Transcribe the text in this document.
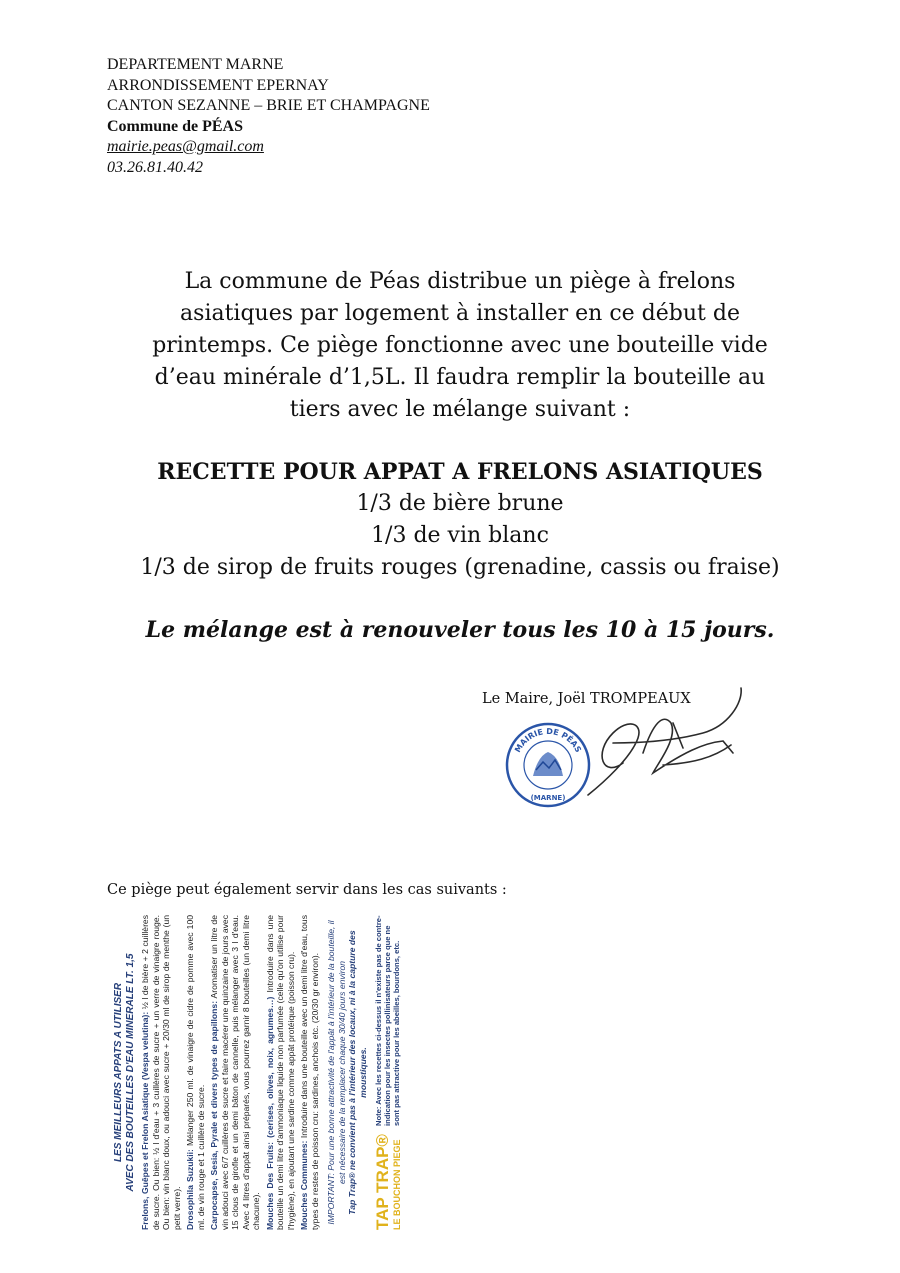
DEPARTEMENT MARNE
ARRONDISSEMENT EPERNAY
CANTON SEZANNE – BRIE ET CHAMPAGNE
Commune de PÉAS
mairie.peas@gmail.com
03.26.81.40.42
La commune de Péas distribue un piège à frelons
asiatiques par logement à installer en ce début de
printemps. Ce piège fonctionne avec une bouteille vide
d’eau minérale d’1,5L. Il faudra remplir la bouteille au
tiers avec le mélange suivant :
RECETTE POUR APPAT A FRELONS ASIATIQUES
1/3 de bière brune
1/3 de vin blanc
1/3 de sirop de fruits rouges (grenadine, cassis ou fraise)
Le mélange est à renouveler tous les 10 à 15 jours.
Le Maire, Joël TROMPEAUX
MAIRIE DE PÉAS
(MARNE)
Ce piège peut également servir dans les cas suivants :
LES MEILLEURS APPATS A UTILISER AVEC DES BOUTEILLES D'EAU MINERALE LT. 1,5 Frelons, Guêpes et Frelon Asiatique (Vespa velutina): ½ l de bière + 2 cuillères de sucre. Ou bien: ½ l d'eau + 3 cuillères de sucre + un verre de vinaigre rouge. Ou bien: vin blanc doux, ou adouci avec sucre + 20/30 ml de sirop de menthe (un petit verre). Drosophila Suzukii: Mélanger 250 ml. de vinaigre de cidre de pomme avec 100 ml. de vin rouge et 1 cuillère de sucre. Carpocapse, Sesia, Pyrale et divers types de papillons: Aromatiser un litre de vin adouci avec 6/7 cuillères de sucre et faire macérer une quinzaine de jours avec 15 clous de girofle et un demi bâton de cannelle, puis mélanger avec 3 l d'eau. Avec 4 litres d'appât ainsi préparés, vous pourrez garnir 8 bouteilles (un demi litre chacune). Mouches Des Fruits: (cerises, olives, noix, agrumes…) Introduire dans une bouteille un demi litre d'ammoniaque liquide non parfumée (celle qu'on utilise pour l'hygiène), en ajoutant une sardine comme appât protéique (poisson cru). Mouches Communes: Introduire dans une bouteille avec un demi litre d'eau, tous types de restes de poisson cru: sardines, anchois etc. (20/30 gr environ). IMPORTANT: Pour une bonne attractivité de l'appât à l'intérieur de la bouteille, il est nécessaire de la remplacer chaque 30/40 jours environ Tap Trap® ne convient pas à l'intérieur des locaux, ni à la capture des moustiques.
TAP TRAP® LE BOUCHON PIEGE
Note: Avec les recettes ci-dessus il n'existe pas de contre-indication pour les insectes pollinisateurs parce que ne sont pas attractive pour les abeilles, bourdons, etc.
